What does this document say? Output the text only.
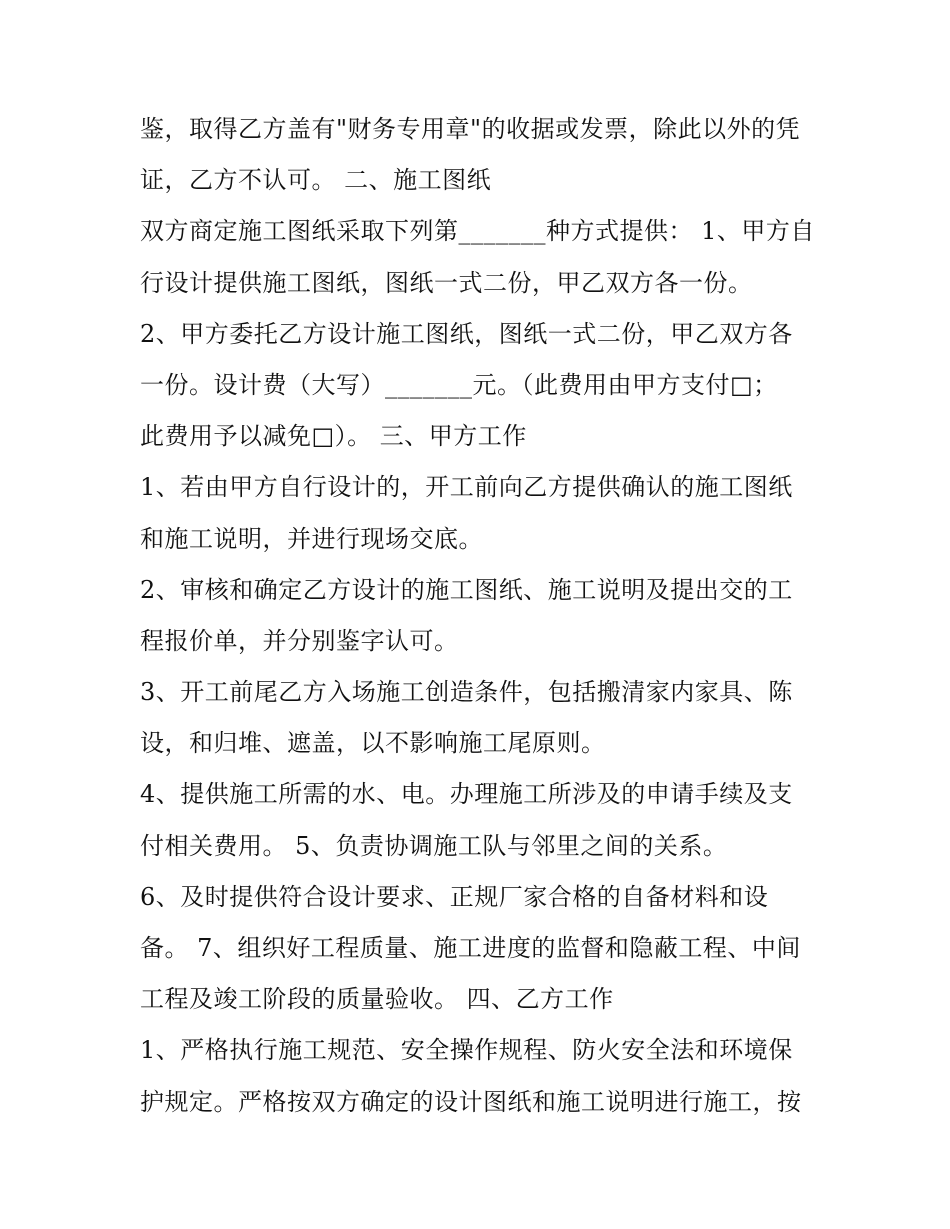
鉴，取得乙方盖有"财务专用章"的收据或发票，除此以外的凭
证，乙方不认可。 二、施工图纸
双方商定施工图纸采取下列第_______种方式提供： 1、甲方自
行设计提供施工图纸，图纸一式二份，甲乙双方各一份。
2、甲方委托乙方设计施工图纸，图纸一式二份，甲乙双方各
一份。设计费（大写）_______元。（此费用由甲方支付□；
此费用予以减免□）。 三、甲方工作
1、若由甲方自行设计的，开工前向乙方提供确认的施工图纸
和施工说明，并进行现场交底。
2、审核和确定乙方设计的施工图纸、施工说明及提出交的工
程报价单，并分别鉴字认可。
3、开工前尾乙方入场施工创造条件，包括搬清家内家具、陈
设，和归堆、遮盖，以不影响施工尾原则。
4、提供施工所需的水、电。办理施工所涉及的申请手续及支
付相关费用。 5、负责协调施工队与邻里之间的关系。
6、及时提供符合设计要求、正规厂家合格的自备材料和设
备。 7、组织好工程质量、施工进度的监督和隐蔽工程、中间
工程及竣工阶段的质量验收。 四、乙方工作
1、严格执行施工规范、安全操作规程、防火安全法和环境保
护规定。严格按双方确定的设计图纸和施工说明进行施工，按
